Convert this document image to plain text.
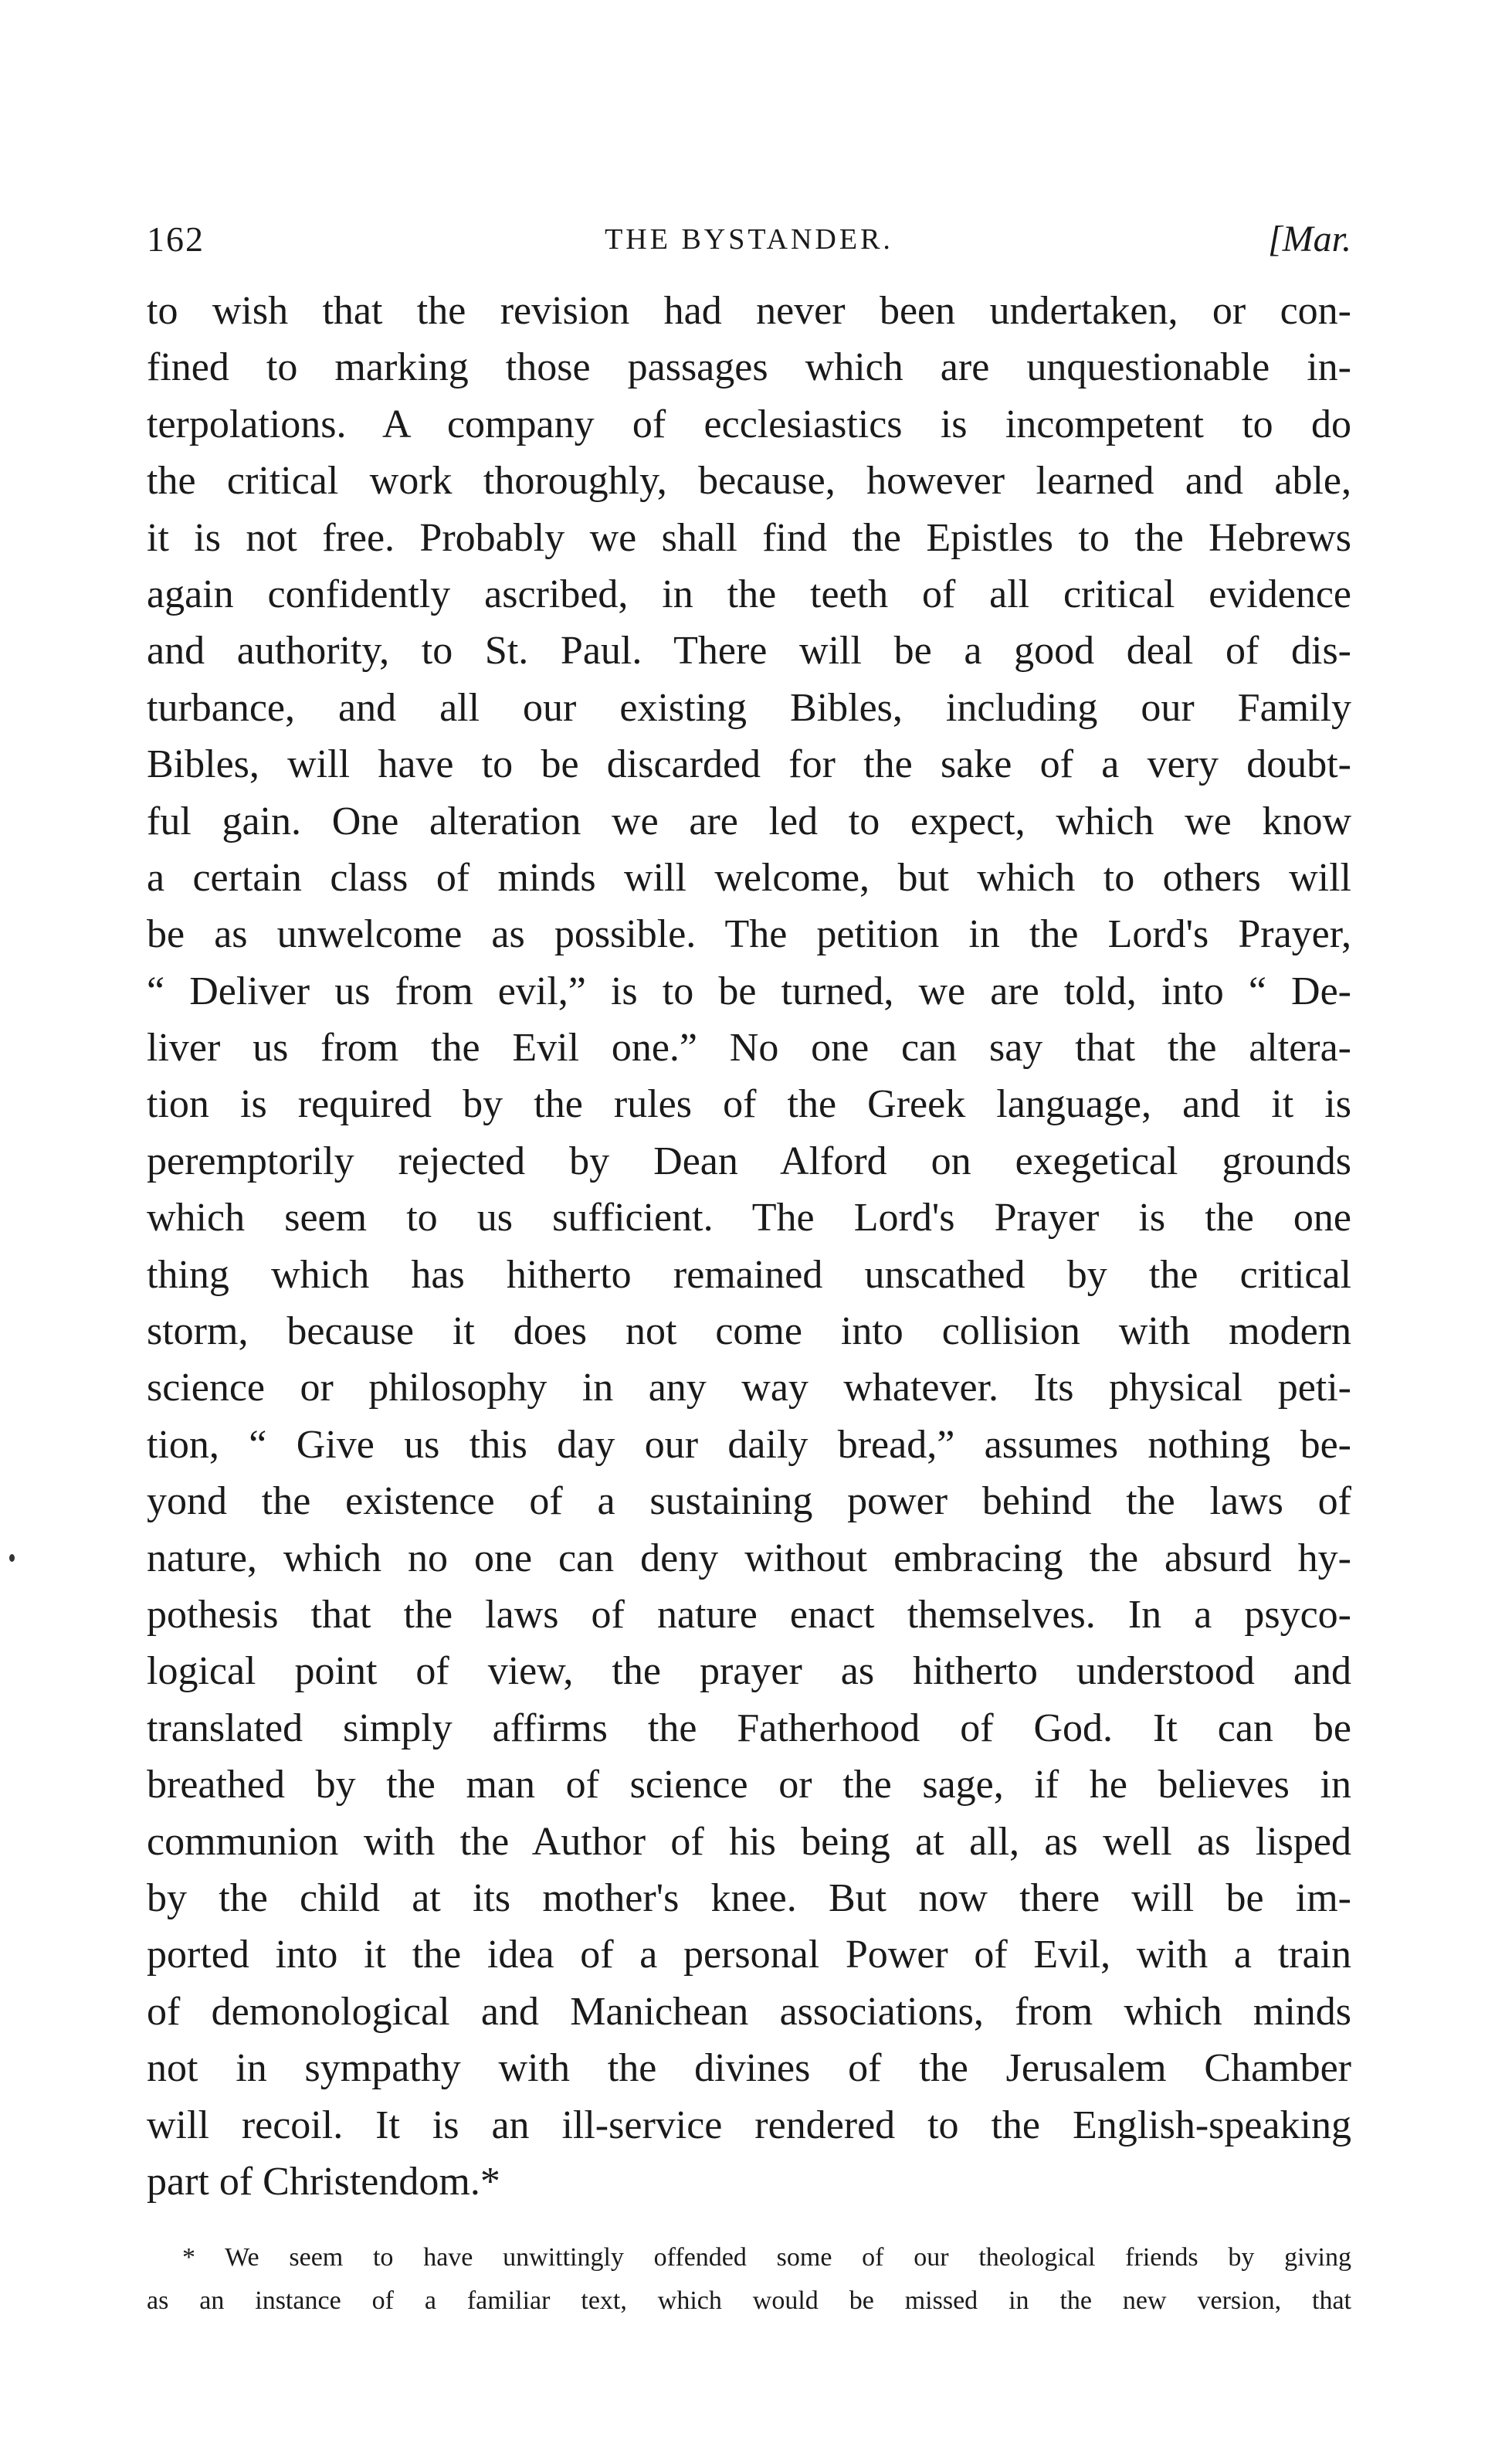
162	THE BYSTANDER.	[Mar.
to wish that the revision had never been undertaken, or con-
fined to marking those passages which are unquestionable in-
terpolations. A company of ecclesiastics is incompetent to do
the critical work thoroughly, because, however learned and able,
it is not free. Probably we shall find the Epistles to the Hebrews
again confidently ascribed, in the teeth of all critical evidence
and authority, to St. Paul. There will be a good deal of dis-
turbance, and all our existing Bibles, including our Family
Bibles, will have to be discarded for the sake of a very doubt-
ful gain. One alteration we are led to expect, which we know
a certain class of minds will welcome, but which to others will
be as unwelcome as possible. The petition in the Lord's Prayer,
“ Deliver us from evil,” is to be turned, we are told, into “ De-
liver us from the Evil one.” No one can say that the altera-
tion is required by the rules of the Greek language, and it is
peremptorily rejected by Dean Alford on exegetical grounds
which seem to us sufficient. The Lord's Prayer is the one
thing which has hitherto remained unscathed by the critical
storm, because it does not come into collision with modern
science or philosophy in any way whatever. Its physical peti-
tion, “ Give us this day our daily bread,” assumes nothing be-
yond the existence of a sustaining power behind the laws of
nature, which no one can deny without embracing the absurd hy-
pothesis that the laws of nature enact themselves. In a psyco-
logical point of view, the prayer as hitherto understood and
translated simply affirms the Fatherhood of God. It can be
breathed by the man of science or the sage, if he believes in
communion with the Author of his being at all, as well as lisped
by the child at its mother's knee. But now there will be im-
ported into it the idea of a personal Power of Evil, with a train
of demonological and Manichean associations, from which minds
not in sympathy with the divines of the Jerusalem Chamber
will recoil. It is an ill-service rendered to the English-speaking
part of Christendom.*
* We seem to have unwittingly offended some of our theological friends by giving
as an instance of a familiar text, which would be missed in the new version, that
